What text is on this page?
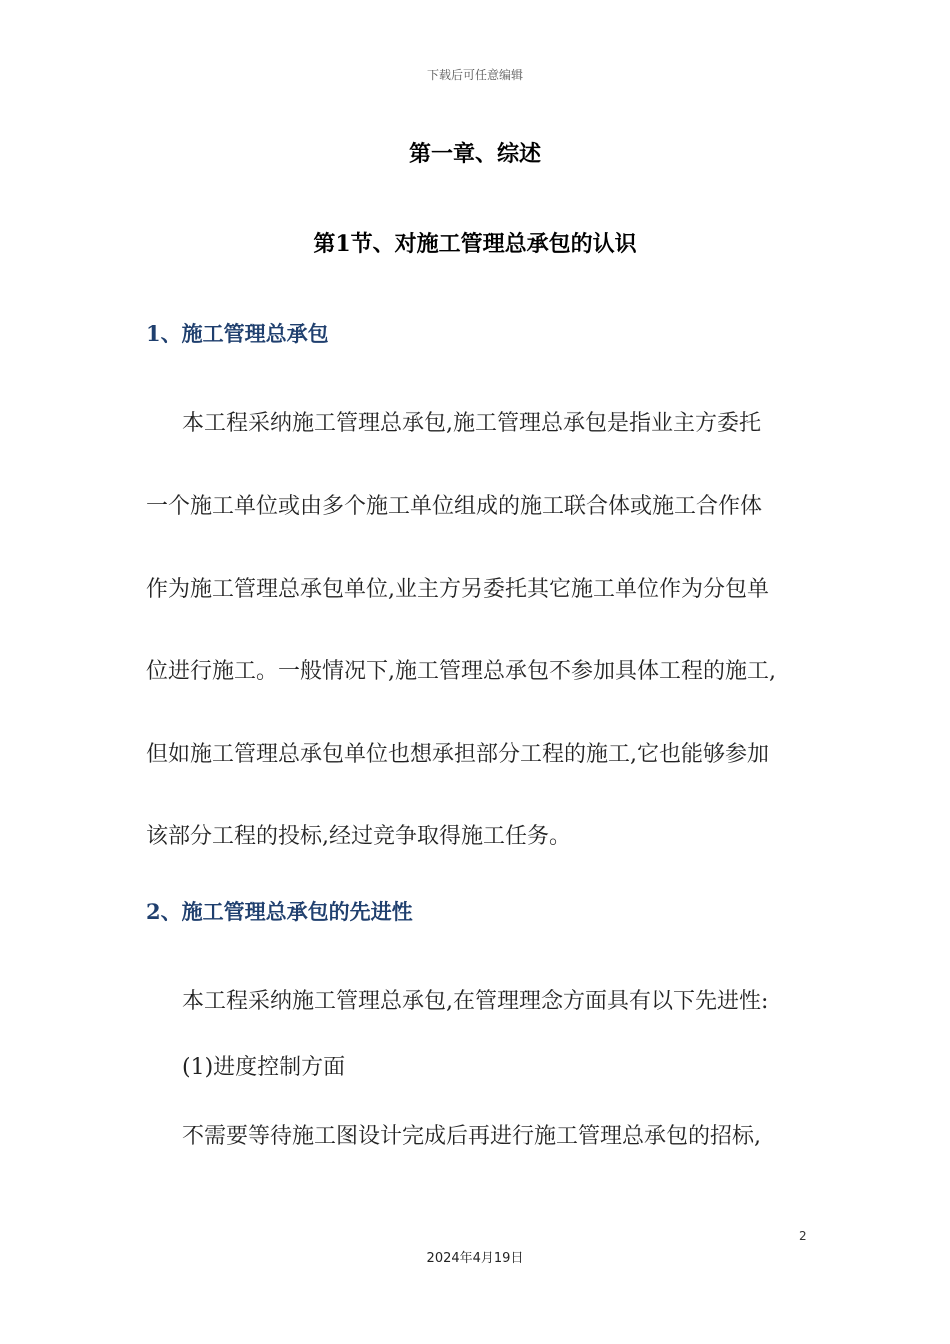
下载后可任意编辑
第一章、综述
第1节、对施工管理总承包的认识
1、施工管理总承包

本工程采纳施工管理总承包,施工管理总承包是指业主方委托

一个施工单位或由多个施工单位组成的施工联合体或施工合作体

作为施工管理总承包单位,业主方另委托其它施工单位作为分包单

位进行施工。一般情况下,施工管理总承包不参加具体工程的施工,

但如施工管理总承包单位也想承担部分工程的施工,它也能够参加

该部分工程的投标,经过竞争取得施工任务。

2、施工管理总承包的先进性

本工程采纳施工管理总承包,在管理理念方面具有以下先进性:

(1)进度控制方面

不需要等待施工图设计完成后再进行施工管理总承包的招标,

2
2024年4月19日
